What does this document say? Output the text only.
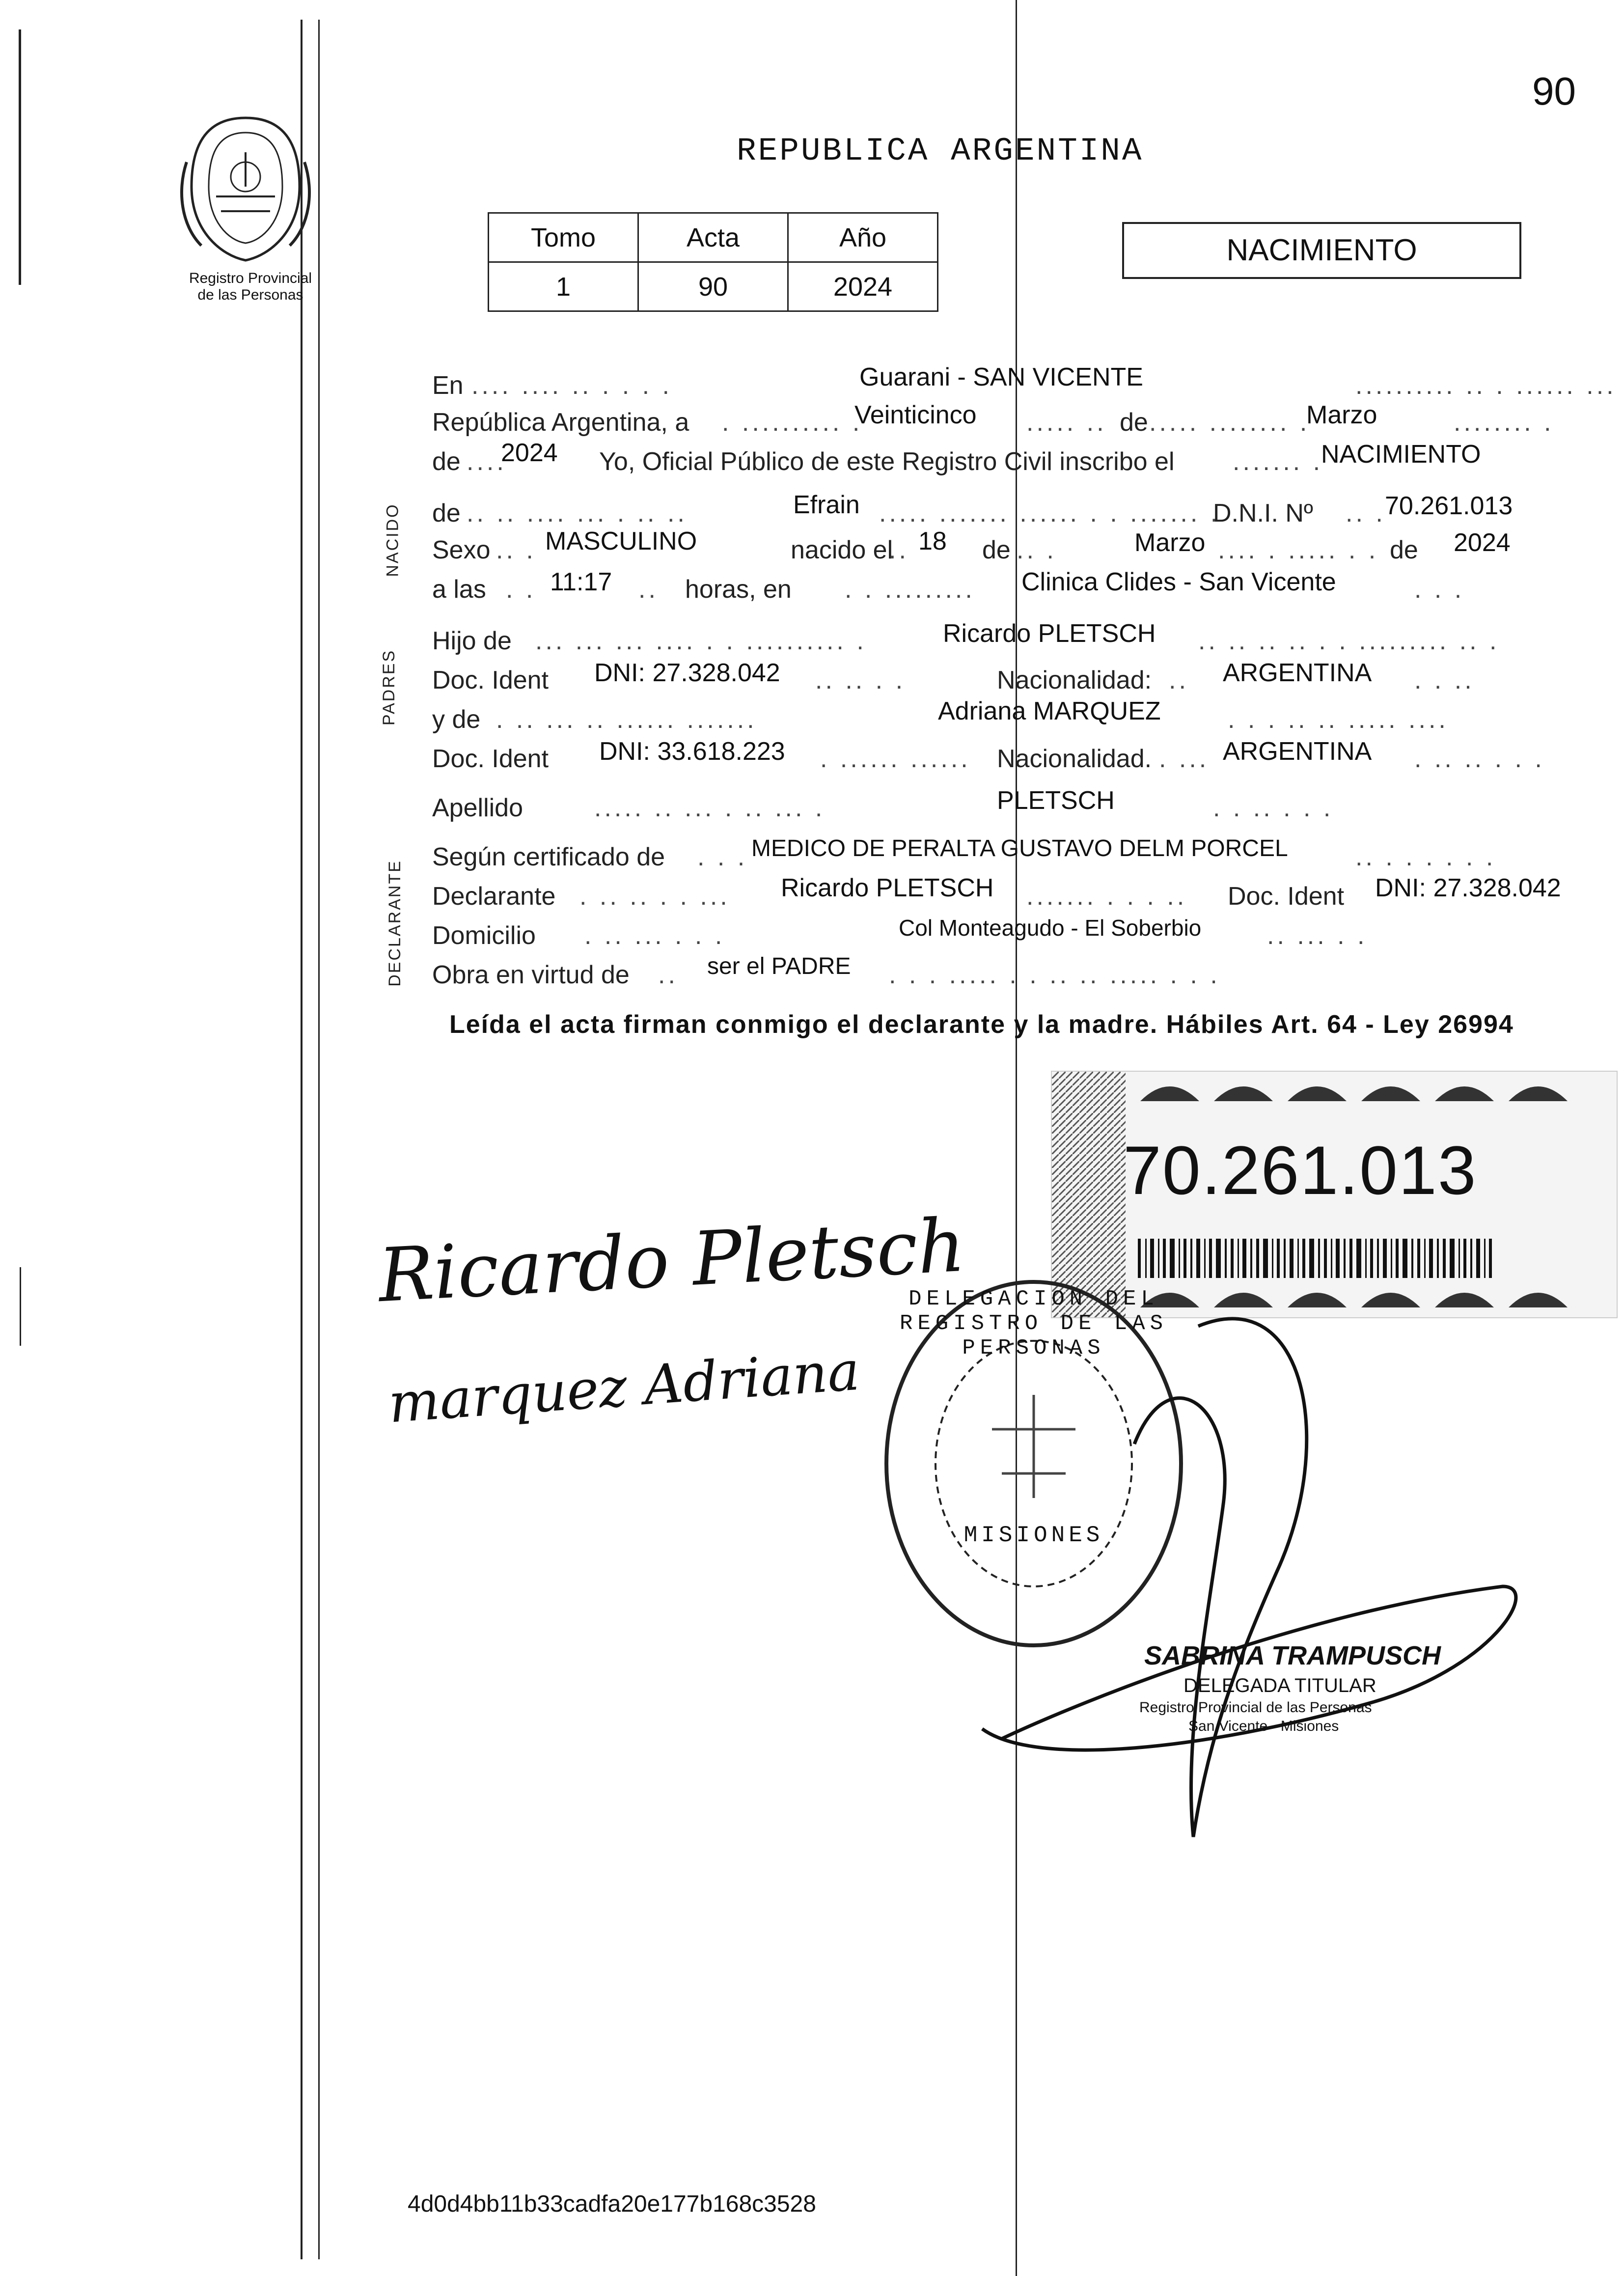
90
Registro Provincial
de las Personas
REPUBLICA ARGENTINA
Tomo	Acta	Año
1	90	2024
NACIMIENTO
NACIDO
PADRES
DECLARANTE
En .... .... .. . . . .	Guarani - SAN VICENTE	.......... .. . ...... ...
República Argentina, a . .......... .
Veinticinco ..... .. de ..... ........ .
Marzo	........ .
de ....
2024 Yo, Oficial Público de este Registro Civil inscribo el ....... .
NACIMIENTO
de .. .. .... ... . .. ..	Efrain ..... ....... ...... . . ....... .
D.N.I. Nº .. .
70.261.013
Sexo .. . MASCULINO	nacido el
.. 18 de .. .	Marzo .... . ..... . . de 2024
a las . . 11:17 .. horas, en . . ......... Clinica Clides - San Vicente	. . .
Hijo de ... ... ... .... . . .......... .	Ricardo PLETSCH .. .. .. .. . . ......... .. .
Doc. Ident DNI: 27.328.042 .. .. . .	Nacionalidad: .. ARGENTINA . . ..
y de . .. ... .. ...... .......	Adriana MARQUEZ	. . . .. .. ..... ....
Doc. Ident DNI: 33.618.223 . ...... ...... Nacionalidad. . ... ARGENTINA . .. .. . . .
Apellido	..... .. ... . .. ... .	PLETSCH	. . .. . . .
Según certificado de . . . MEDICO DE PERALTA GUSTAVO DELM PORCEL	.. . . . . . .
Declarante . .. .. . . ... Ricardo PLETSCH ....... . . . .. Doc. Ident DNI: 27.328.042
Domicilio . .. ... . . .	Col Monteagudo - El Soberbio	.. ... . .
Obra en virtud de .. ser el PADRE . . . ..... . . .. .. ..... . . .
Leída el acta firman conmigo el declarante y la madre. Hábiles Art. 64 - Ley 26994
70.261.013
Ricardo Pletsch
marquez Adriana
DELEGACION DEL REGISTRO DE LAS PERSONAS
MISIONES
SABRINA TRAMPUSCH
DELEGADA TITULAR
Registro Provincial de las Personas
San Vicente - Misiones
4d0d4bb11b33cadfa20e177b168c3528
